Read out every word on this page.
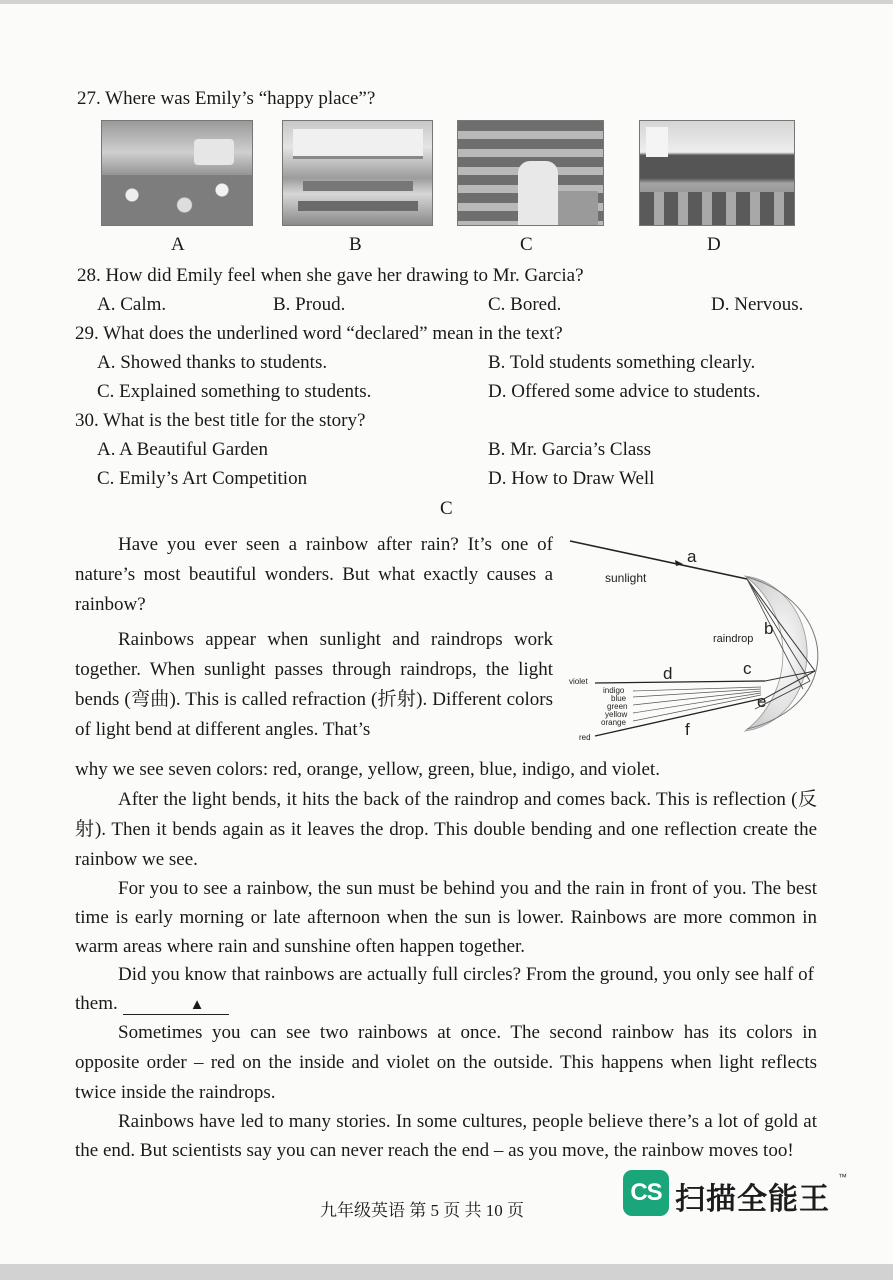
27. Where was Emily’s “happy place”?
A	B	C	D
28. How did Emily feel when she gave her drawing to Mr. Garcia?
A. Calm.	B. Proud.	C. Bored.	D. Nervous.
29. What does the underlined word “declared” mean in the text?
A. Showed thanks to students.	B. Told students something clearly.
C. Explained something to students.	D. Offered some advice to students.
30. What is the best title for the story?
A. A Beautiful Garden	B. Mr. Garcia’s Class
C. Emily’s Art Competition	D. How to Draw Well
C
Have you ever seen a rainbow after rain? It’s one of nature’s most beautiful wonders. But what exactly causes a rainbow?
Rainbows appear when sunlight and raindrops work together. When sunlight passes through raindrops, the light bends (弯曲). This is called refraction (折射). Different colors of light bend at different angles. That’s
why we see seven colors: red, orange, yellow, green, blue, indigo, and violet.
After the light bends, it hits the back of the raindrop and comes back. This is reflection (反射). Then it bends again as it leaves the drop. This double bending and one reflection create the rainbow we see.
For you to see a rainbow, the sun must be behind you and the rain in front of you. The best time is early morning or late afternoon when the sun is lower. Rainbows are more common in warm areas where rain and sunshine often happen together.
Did you know that rainbows are actually full circles? From the ground, you only see half of them.	▲
Sometimes you can see two rainbows at once. The second rainbow has its colors in opposite order – red on the inside and violet on the outside. This happens when light reflects twice inside the raindrops.
Rainbows have led to many stories. In some cultures, people believe there’s a lot of gold at the end. But scientists say you can never reach the end – as you move, the rainbow moves too!
sunlight
raindrop
a
b
c
d
e
f
violet
indigo
blue
green
yellow
orange
red
九年级英语 第 5 页 共 10 页
CS 扫描全能王
™
